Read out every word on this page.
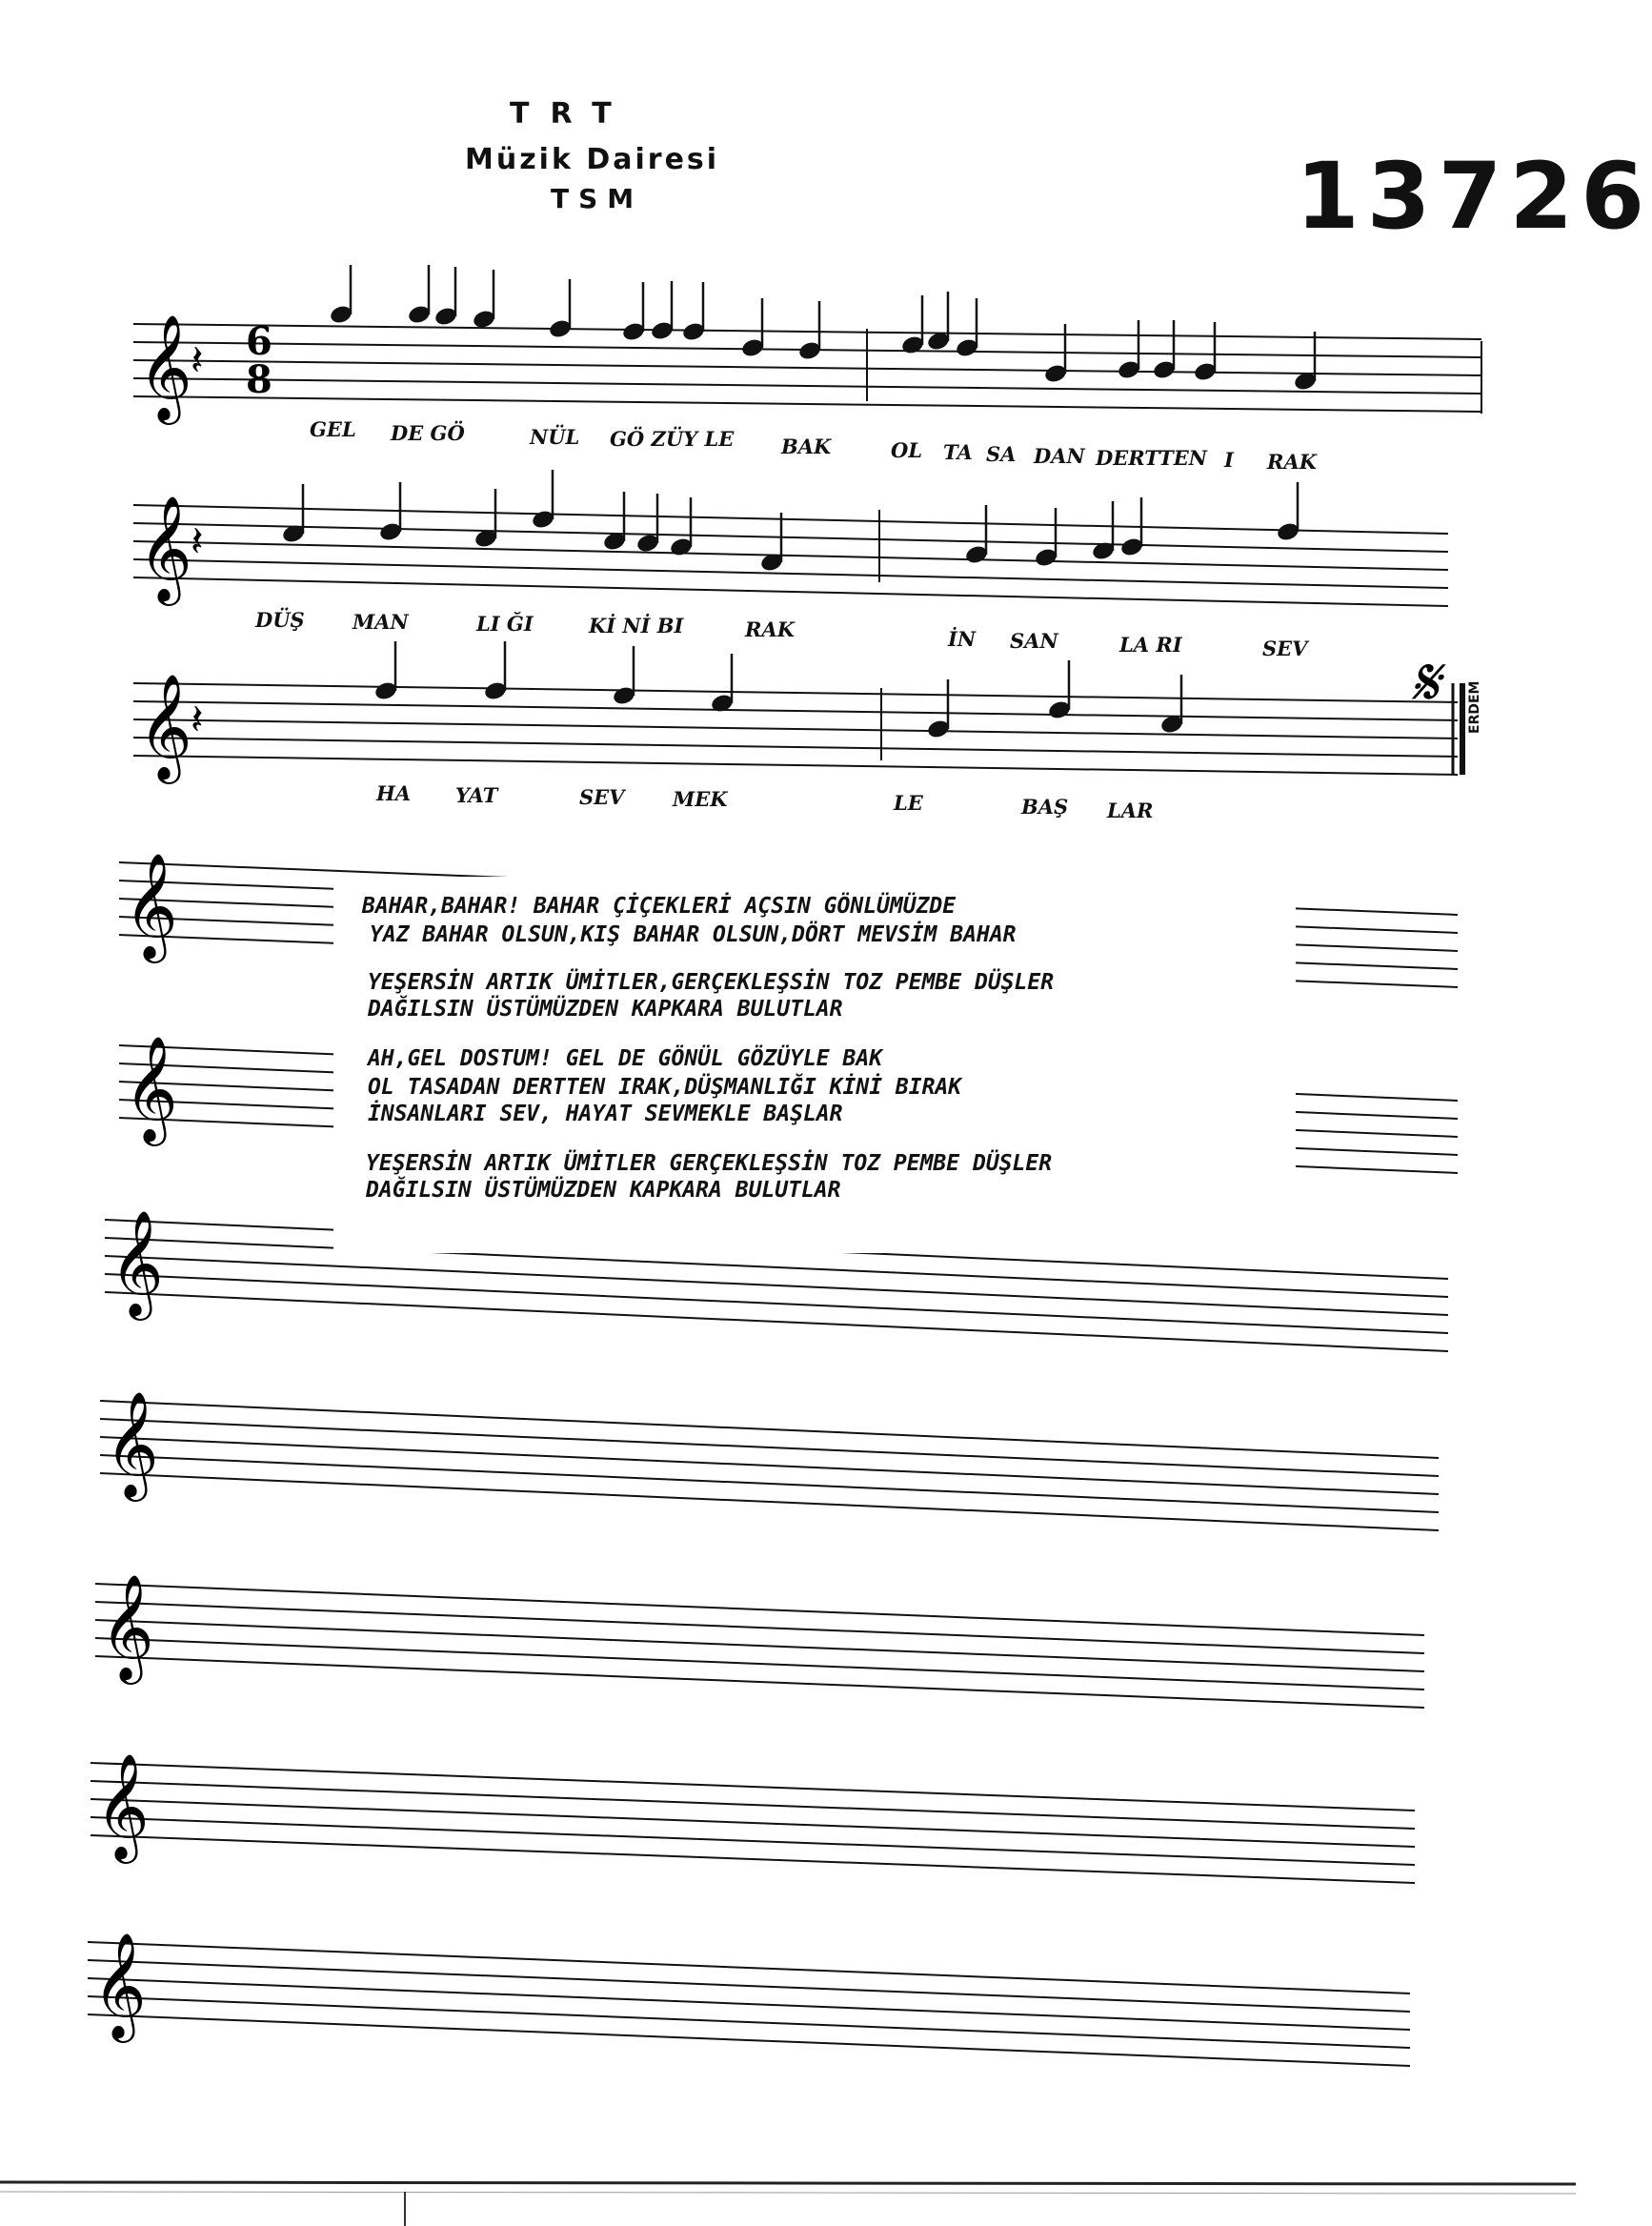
TRT
Müzik Dairesi
TSM	13726
𝄞
𝄞
𝄞
𝄞
𝄞
𝄞
𝄞
𝄞
𝄞
𝄞
𝄽
𝄽
𝄽
6
8
𝄋
GEL DE GÖ	NÜL GÖ ZÜY LE BAK	OL TA SA DAN DERTTEN I RAK
DÜŞ MAN	LI ĞI	Kİ Nİ BI	RAK	İN SAN	LA RI	SEV
HA YAT	SEV MEK	LE	BAŞ LAR
ERDEM
BAHAR,BAHAR! BAHAR ÇİÇEKLERİ AÇSIN GÖNLÜMÜZDE
YAZ BAHAR OLSUN,KIŞ BAHAR OLSUN,DÖRT MEVSİM BAHAR
YEŞERSİN ARTIK ÜMİTLER,GERÇEKLEŞSİN TOZ PEMBE DÜŞLER
DAĞILSIN ÜSTÜMÜZDEN KAPKARA BULUTLAR
AH,GEL DOSTUM! GEL DE GÖNÜL GÖZÜYLE BAK
OL TASADAN DERTTEN IRAK,DÜŞMANLIĞI KİNİ BIRAK
İNSANLARI SEV, HAYAT SEVMEKLE BAŞLAR
YEŞERSİN ARTIK ÜMİTLER GERÇEKLEŞSİN TOZ PEMBE DÜŞLER
DAĞILSIN ÜSTÜMÜZDEN KAPKARA BULUTLAR
